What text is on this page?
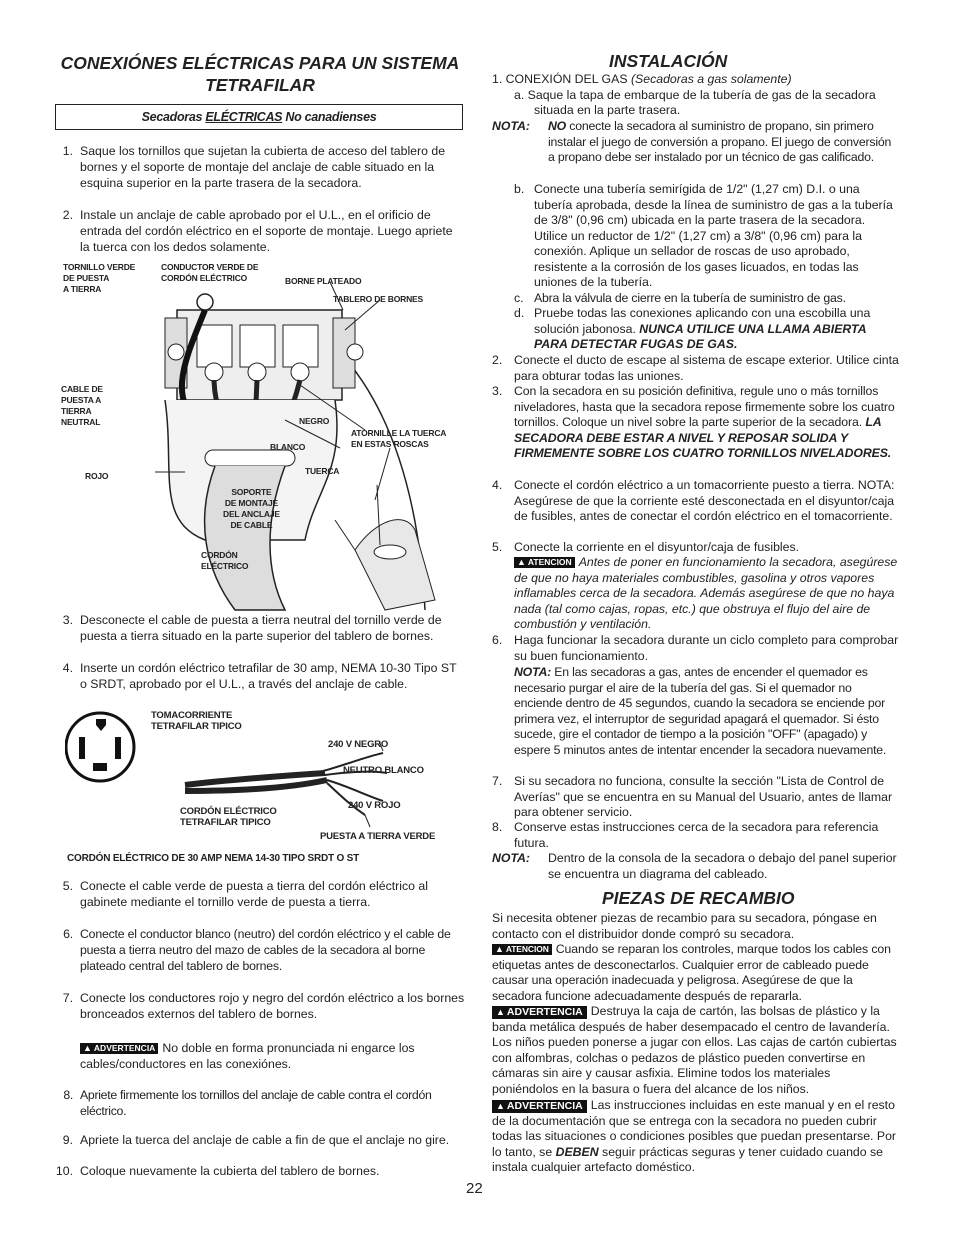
CONEXIÓNES ELÉCTRICAS PARA UN SISTEMA
TETRAFILAR
Secadoras ELÉCTRICAS No canadienses
1. Saque los tornillos que sujetan la cubierta de acceso del tablero de bornes y el soporte de montaje del anclaje de cable situado en la esquina superior en la parte trasera de la secadora.
2. Instale un anclaje de cable aprobado por el U.L., en el orificio de entrada del cordón eléctrico en el soporte de montaje. Luego apriete la tuerca con los dedos solamente.
TORNILLO VERDE
DE PUESTA
A TIERRA
CONDUCTOR VERDE DE
CORDÓN ELÉCTRICO	BORNE PLATEADO
TABLERO DE BORNES
CABLE DE
PUESTA A
TIERRA
NEUTRAL	NEGRO
ATORNILLE LA TUERCA
EN ESTAS ROSCAS
BLANCO
ROJO	TUERCA
SOPORTE
DE MONTAJE
DEL ANCLAJE
DE CABLE
CORDÓN
ELÉCTRICO
3. Desconecte el cable de puesta a tierra neutral del tornillo verde de puesta a tierra situado en la parte superior del tablero de bornes.
4. Inserte un cordón eléctrico tetrafilar de 30 amp, NEMA 10-30 Tipo ST o SRDT, aprobado por el U.L., a través del anclaje de cable.
TOMACORRIENTE
TETRAFILAR TIPICO
240 V NEGRO
NEUTRO BLANCO
240 V ROJO
CORDÓN ELÉCTRICO
TETRAFILAR TIPICO
PUESTA A TIERRA VERDE
CORDÓN ELÉCTRICO DE 30 AMP NEMA 14-30 TIPO SRDT O ST
5. Conecte el cable verde de puesta a tierra del cordón eléctrico al gabinete mediante el tornillo verde de puesta a tierra.
6. Conecte el conductor blanco (neutro) del cordón eléctrico y el cable de puesta a tierra neutro del mazo de cables de la secadora al borne plateado central del tablero de bornes.
7. Conecte los conductores rojo y negro del cordón eléctrico a los bornes bronceados externos del tablero de bornes.
▲ ADVERTENCIA No doble en forma pronunciada ni engarce los cables/conductores en las conexiónes.
8. Apriete firmemente los tornillos del anclaje de cable contra el cordón eléctrico.
9. Apriete la tuerca del anclaje de cable a fin de que el anclaje no gire.
10. Coloque nuevamente la cubierta del tablero de bornes.
INSTALACIÓN
1. CONEXIÓN DEL GAS (Secadoras a gas solamente)
a. Saque la tapa de embarque de la tubería de gas de la secadora
situada en la parte trasera.
NOTA: NO conecte la secadora al suministro de propano, sin primero instalar el juego de conversión a propano. El juego de conversión a propano debe ser instalado por un técnico de gas calificado.
b. Conecte una tubería semirígida de 1/2" (1,27 cm) D.I. o una tubería aprobada, desde la línea de suministro de gas a la tubería de 3/8" (0,96 cm) ubicada en la parte trasera de la secadora. Utilice un reductor de 1/2" (1,27 cm) a 3/8" (0,96 cm) para la conexión. Aplique un sellador de roscas de uso aprobado, resistente a la corrosión de los gases licuados, en todas las uniones de la tubería.
c. Abra la válvula de cierre en la tubería de suministro de gas.
d. Pruebe todas las conexiones aplicando con una escobilla una solución jabonosa. NUNCA UTILICE UNA LLAMA ABIERTA PARA DETECTAR FUGAS DE GAS.
2. Conecte el ducto de escape al sistema de escape exterior. Utilice cinta para obturar todas las uniones.
3. Con la secadora en su posición definitiva, regule uno o más tornillos niveladores, hasta que la secadora repose firmemente sobre los cuatro tornillos. Coloque un nivel sobre la parte superior de la secadora. LA SECADORA DEBE ESTAR A NIVEL Y REPOSAR SOLIDA Y FIRMEMENTE SOBRE LOS CUATRO TORNILLOS NIVELADORES.
4. Conecte el cordón eléctrico a un tomacorriente puesto a tierra. NOTA: Asegúrese de que la corriente esté desconectada en el disyuntor/caja de fusibles, antes de conectar el cordón eléctrico en el tomacorriente.
5. Conecte la corriente en el disyuntor/caja de fusibles.
▲ ATENCION Antes de poner en funcionamiento la secadora, asegúrese de que no haya materiales combustibles, gasolina y otros vapores inflamables cerca de la secadora. Además asegúrese de que no haya nada (tal como cajas, ropas, etc.) que obstruya el flujo del aire de combustión y ventilación.
6. Haga funcionar la secadora durante un ciclo completo para comprobar su buen funcionamiento.
NOTA: En las secadoras a gas, antes de encender el quemador es necesario purgar el aire de la tubería del gas. Si el quemador no enciende dentro de 45 segundos, cuando la secadora se enciende por primera vez, el interruptor de seguridad apagará el quemador. Si ésto sucede, gire el contador de tiempo a la posición "OFF" (apagado) y espere 5 minutos antes de intentar encender la secadora nuevamente.
7. Si su secadora no funciona, consulte la sección "Lista de Control de Averías" que se encuentra en su Manual del Usuario, antes de llamar para obtener servicio.
8. Conserve estas instrucciones cerca de la secadora para referencia futura.
NOTA: Dentro de la consola de la secadora o debajo del panel superior se encuentra un diagrama del cableado.
PIEZAS DE RECAMBIO
Si necesita obtener piezas de recambio para su secadora, póngase en contacto con el distribuidor donde compró su secadora.
▲ ATENCION Cuando se reparan los controles, marque todos los cables con etiquetas antes de desconectarlos. Cualquier error de cableado puede causar una operación inadecuada y peligrosa. Asegúrese de que la secadora funcione adecuadamente después de repararla.
▲ ADVERTENCIA Destruya la caja de cartón, las bolsas de plástico y la banda metálica después de haber desempacado el centro de lavandería. Los niños pueden ponerse a jugar con ellos. Las cajas de cartón cubiertas con alfombras, colchas o pedazos de plástico pueden convertirse en cámaras sin aire y causar asfixia. Elimine todos los materiales poniéndolos en la basura o fuera del alcance de los niños.
▲ ADVERTENCIA Las instrucciones incluidas en este manual y en el resto de la documentación que se entrega con la secadora no pueden cubrir todas las situaciones o condiciones posibles que puedan presentarse. Por lo tanto, se DEBEN seguir prácticas seguras y tener cuidado cuando se instala cualquier artefacto doméstico.
22
